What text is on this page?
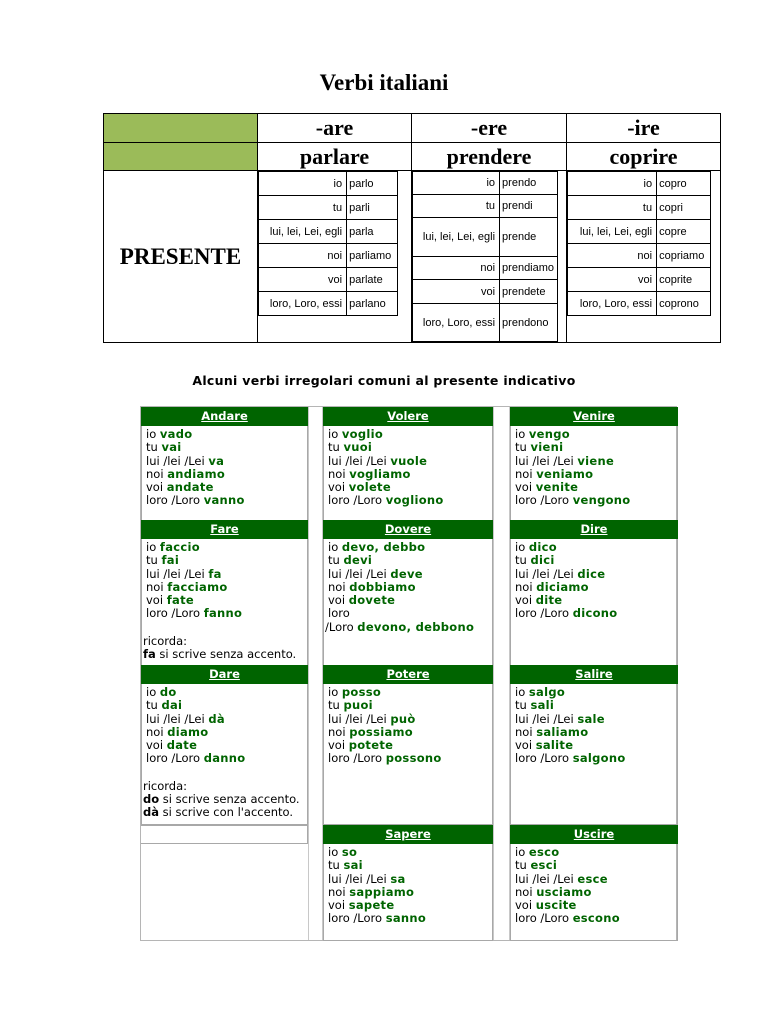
Verbi italiani
	-are	-ere	-ire
	parlare	prendere	coprire
PRESENTE	
io	parlo
tu	parli
lui, lei, Lei, egli	parla
noi	parliamo
voi	parlate
loro, Loro, essi	parlano

io	prendo
tu	prendi
lui, lei, Lei, egli	prende
noi	prendiamo
voi	prendete
loro, Loro, essi	prendono

io	copro
tu	copri
lui, lei, Lei, egli	copre
noi	copriamo
voi	coprite
loro, Loro, essi	coprono
Alcuni verbi irregolari comuni al presente indicativo
Andare
io vado
tu vai
lui /lei /Lei va
noi andiamo
voi andate
loro /Loro vanno
Volere
io voglio
tu vuoi
lui /lei /Lei vuole
noi vogliamo
voi volete
loro /Loro vogliono
Venire
io vengo
tu vieni
lui /lei /Lei viene
noi veniamo
voi venite
loro /Loro vengono
Fare
io faccio
tu fai
lui /lei /Lei fa
noi facciamo
voi fate
loro /Loro fanno
ricorda:
fa si scrive senza accento.
Dovere
io devo, debbo
tu devi
lui /lei /Lei deve
noi dobbiamo
voi dovete
loro
/Loro devono, debbono
Dire
io dico
tu dici
lui /lei /Lei dice
noi diciamo
voi dite
loro /Loro dicono
Dare
io do
tu dai
lui /lei /Lei dà
noi diamo
voi date
loro /Loro danno
ricorda:
do si scrive senza accento.
dà si scrive con l'accento.
Potere
io posso
tu puoi
lui /lei /Lei può
noi possiamo
voi potete
loro /Loro possono
Salire
io salgo
tu sali
lui /lei /Lei sale
noi saliamo
voi salite
loro /Loro salgono
Sapere
io so
tu sai
lui /lei /Lei sa
noi sappiamo
voi sapete
loro /Loro sanno
Uscire
io esco
tu esci
lui /lei /Lei esce
noi usciamo
voi uscite
loro /Loro escono
